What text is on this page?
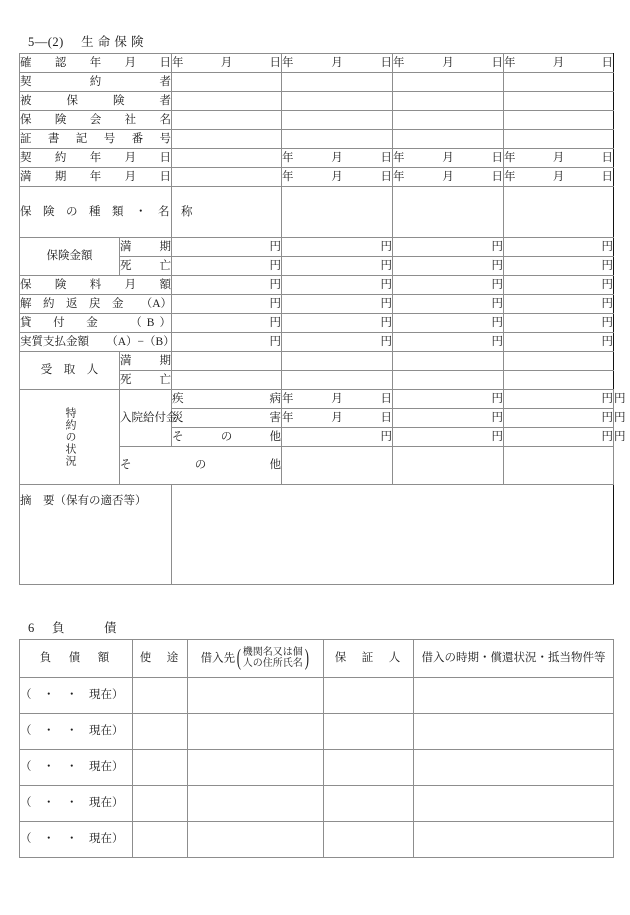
5—(2) 生 命 保 険
確　認　年　月　日		年　　月　　日	年　　月　　日	年　　月　　日	年　　月　　日	
契　　　約　　　者						
被　保　険　者						
保　険　会　社　名						
証　書　記　号　番　号						
契　約　年　月　日			年　　月　　日	年　　月　　日	年　　月　　日	
満　期　年　月　日			年　　月　　日	年　　月　　日	年　　月　　日	
保　険　の　種　類　・　名　称						
保険金額	満　期	円	円	円	円	
	死　亡	円	円	円	円	
保　険　料　月　額		円	円	円	円	
解　約　返　戻　金　　（A）		円	円	円	円	
貸　付　金　　（B）		円	円	円	円	
実質支払金額　　（A）−（B）		円	円	円	円	
受　取　人	満　期					
	死　亡					

特約の状況	入院給付金	疾　　病	年　　月　　日	円	円	円
		災　　害	年　　月　　日	円	円	円
		そ　の　他	円	円	円	円
	そ　　　の　　　他					
摘　要（保有の適否等）						
6 負　　　債
負　債　額	使　途	借入先 ( 機関名又は個
人の住所氏名 )	保　証　人	借入の時期・償還状況・抵当物件等
（　・　・　現在）				
（　・　・　現在）				
（　・　・　現在）				
（　・　・　現在）				
（　・　・　現在）				
